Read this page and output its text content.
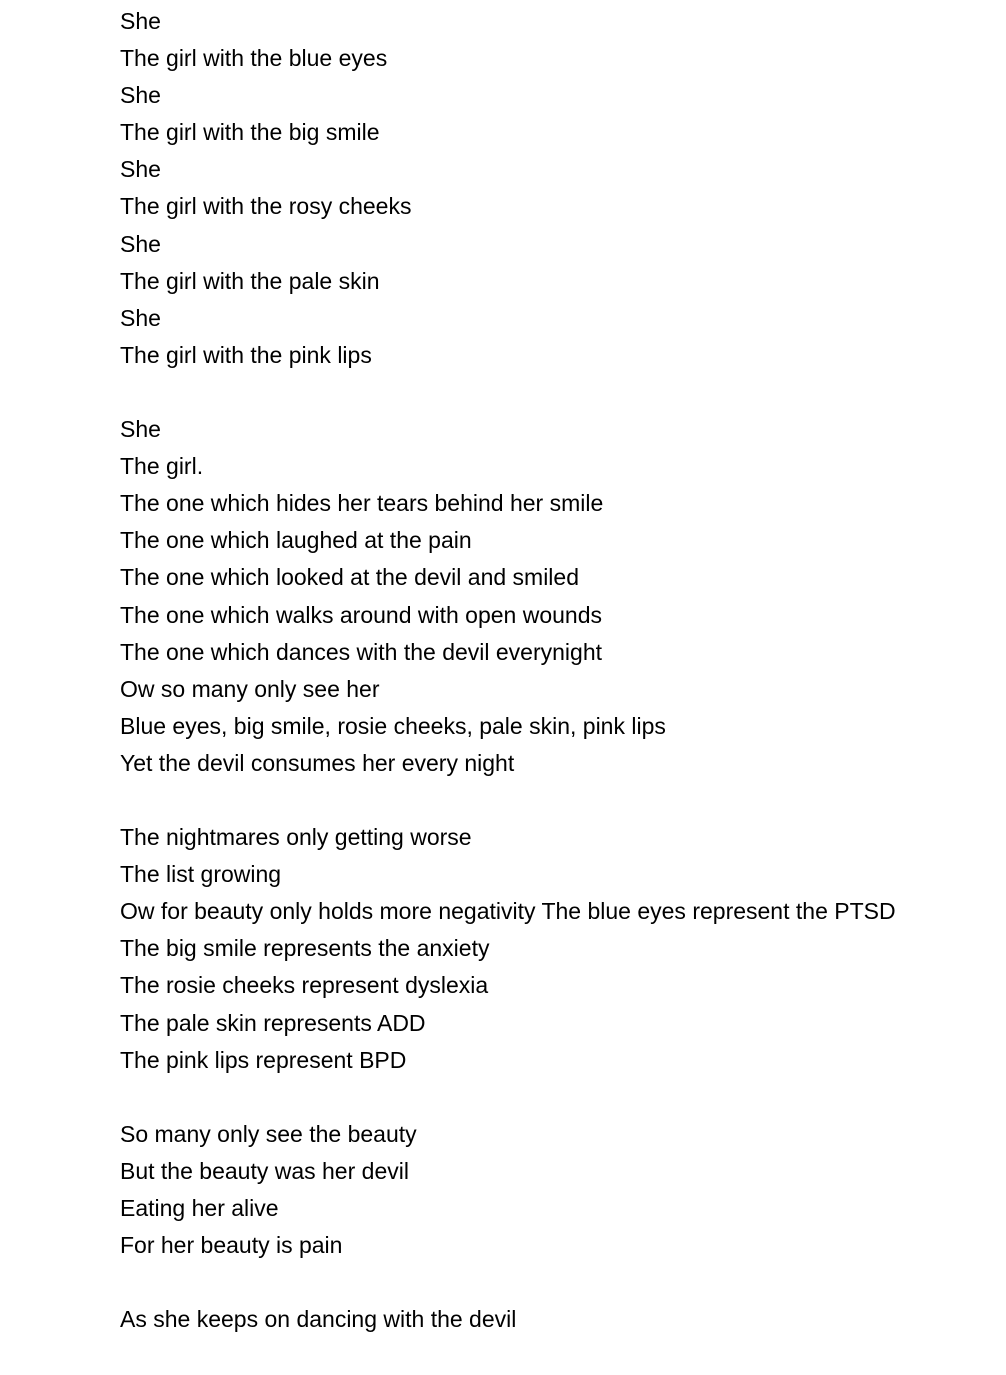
She
The girl with the blue eyes
She
The girl with the big smile
She
The girl with the rosy cheeks
She
The girl with the pale skin
She
The girl with the pink lips
She
The girl.
The one which hides her tears behind her smile
The one which laughed at the pain
The one which looked at the devil and smiled
The one which walks around with open wounds
The one which dances with the devil everynight
Ow so many only see her
Blue eyes, big smile, rosie cheeks, pale skin, pink lips
Yet the devil consumes her every night
The nightmares only getting worse
The list growing
Ow for beauty only holds more negativity The blue eyes represent the PTSD
The big smile represents the anxiety
The rosie cheeks represent dyslexia
The pale skin represents ADD
The pink lips represent BPD
So many only see the beauty
But the beauty was her devil
Eating her alive
For her beauty is pain
As she keeps on dancing with the devil
